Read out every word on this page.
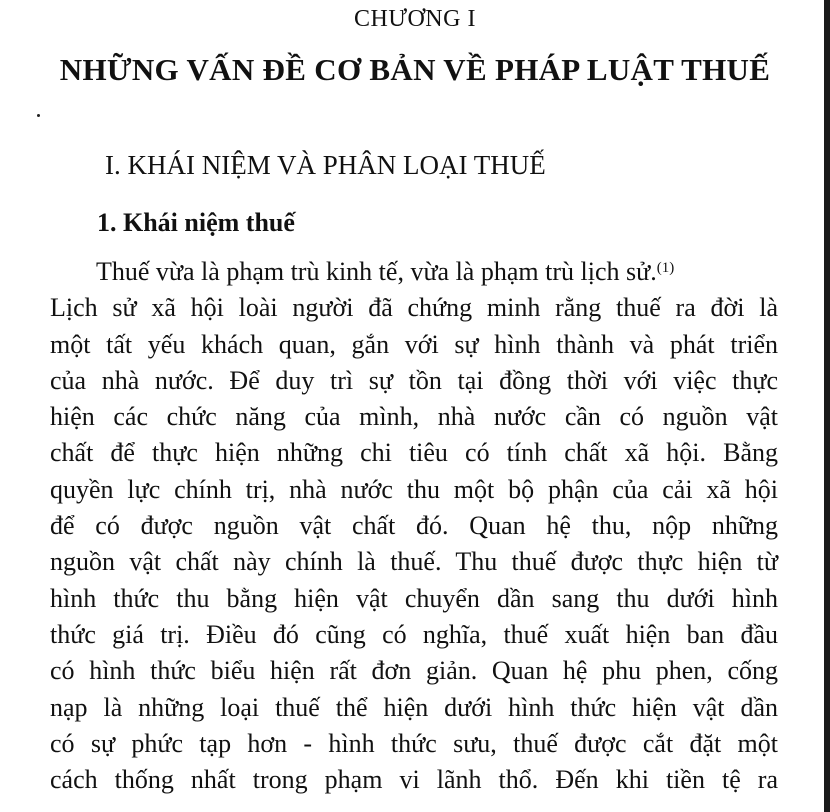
CHƯƠNG I
NHỮNG VẤN ĐỀ CƠ BẢN VỀ PHÁP LUẬT THUẾ
I. KHÁI NIỆM VÀ PHÂN LOẠI THUẾ
1. Khái niệm thuế
Thuế vừa là phạm trù kinh tế, vừa là phạm trù lịch sử.$^{(1)}$
Lịch sử xã hội loài người đã chứng minh rằng thuế ra đời là
một tất yếu khách quan, gắn với sự hình thành và phát triển
của nhà nước. Để duy trì sự tồn tại đồng thời với việc thực
hiện các chức năng của mình, nhà nước cần có nguồn vật
chất để thực hiện những chi tiêu có tính chất xã hội. Bằng
quyền lực chính trị, nhà nước thu một bộ phận của cải xã hội
để có được nguồn vật chất đó. Quan hệ thu, nộp những
nguồn vật chất này chính là thuế. Thu thuế được thực hiện từ
hình thức thu bằng hiện vật chuyển dần sang thu dưới hình
thức giá trị. Điều đó cũng có nghĩa, thuế xuất hiện ban đầu
có hình thức biểu hiện rất đơn giản. Quan hệ phu phen, cống
nạp là những loại thuế thể hiện dưới hình thức hiện vật dần
có sự phức tạp hơn - hình thức sưu, thuế được cắt đặt một
cách thống nhất trong phạm vi lãnh thổ. Đến khi tiền tệ ra
